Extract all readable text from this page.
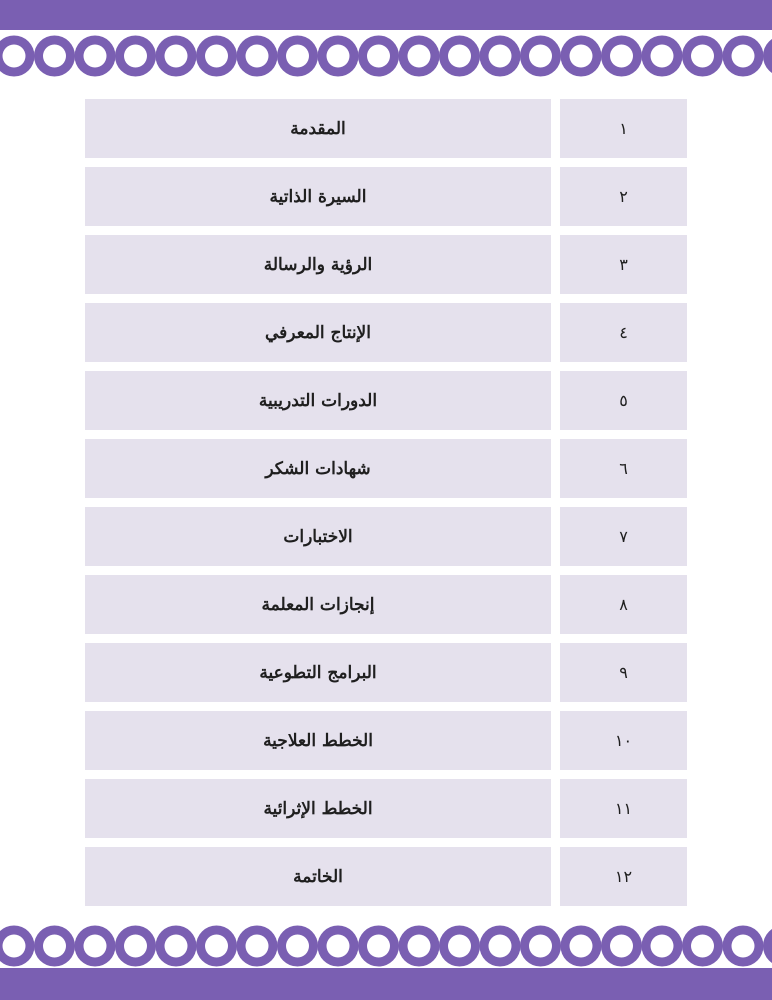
المقدمة	١
السيرة الذاتية	٢
الرؤية والرسالة	٣
الإنتاج المعرفي	٤
الدورات التدريبية	٥
شهادات الشكر	٦
الاختبارات	٧
إنجازات المعلمة	٨
البرامج التطوعية	٩
الخطط العلاجية	١٠
الخطط الإثرائية	١١
الخاتمة	١٢
